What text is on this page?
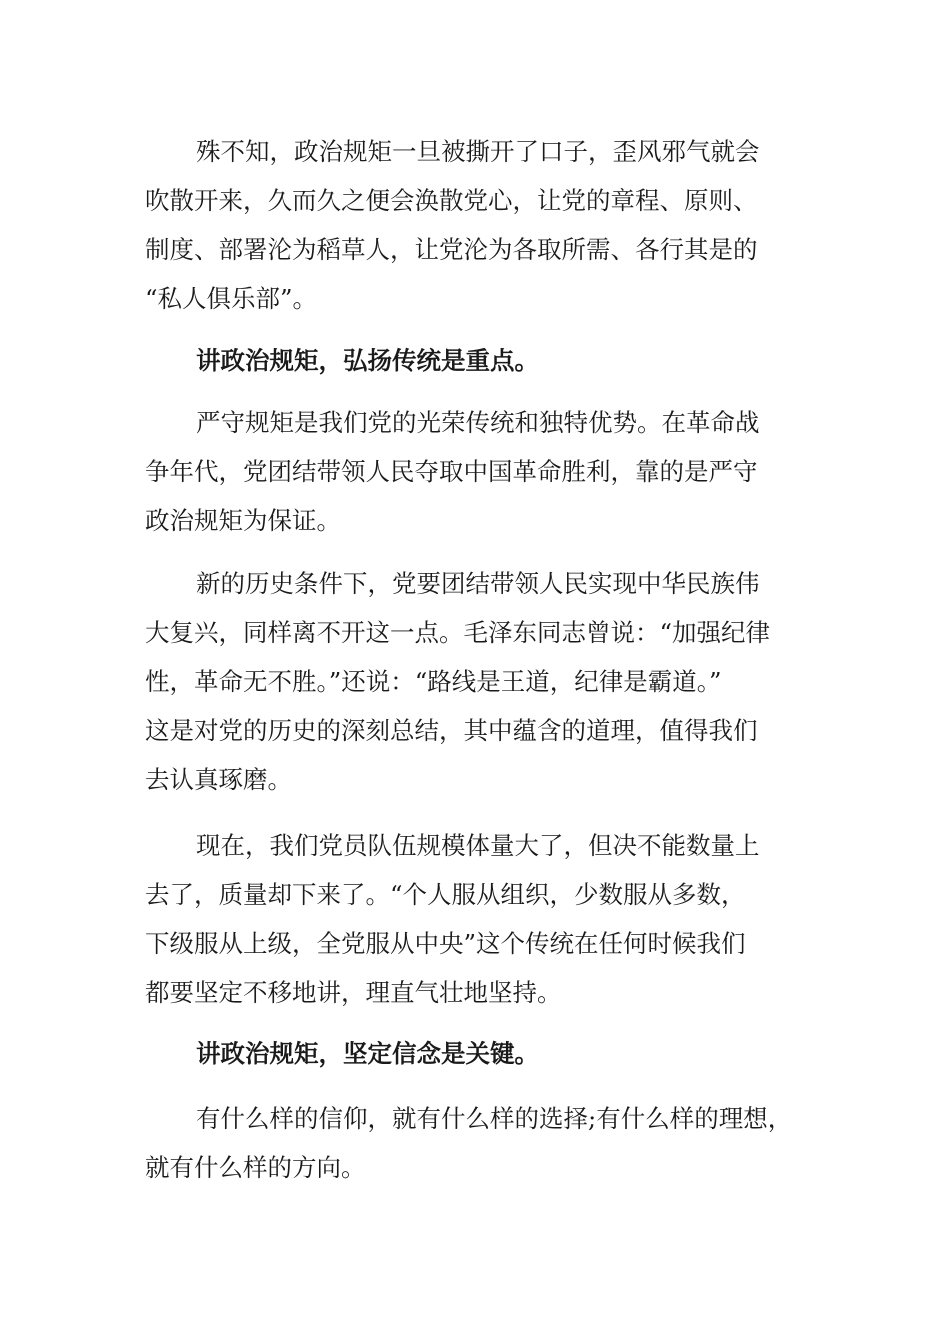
殊不知，政治规矩一旦被撕开了口子，歪风邪气就会
吹散开来，久而久之便会涣散党心，让党的章程、原则、
制度、部署沦为稻草人，让党沦为各取所需、各行其是的
“私人俱乐部”。
讲政治规矩，弘扬传统是重点。
严守规矩是我们党的光荣传统和独特优势。在革命战
争年代，党团结带领人民夺取中国革命胜利，靠的是严守
政治规矩为保证。
新的历史条件下，党要团结带领人民实现中华民族伟
大复兴，同样离不开这一点。毛泽东同志曾说：“加强纪律
性，革命无不胜。”还说：“路线是王道，纪律是霸道。”
这是对党的历史的深刻总结，其中蕴含的道理，值得我们
去认真琢磨。
现在，我们党员队伍规模体量大了，但决不能数量上
去了，质量却下来了。“个人服从组织，少数服从多数，
下级服从上级，全党服从中央”这个传统在任何时候我们
都要坚定不移地讲，理直气壮地坚持。
讲政治规矩，坚定信念是关键。
有什么样的信仰，就有什么样的选择;有什么样的理想，
就有什么样的方向。
